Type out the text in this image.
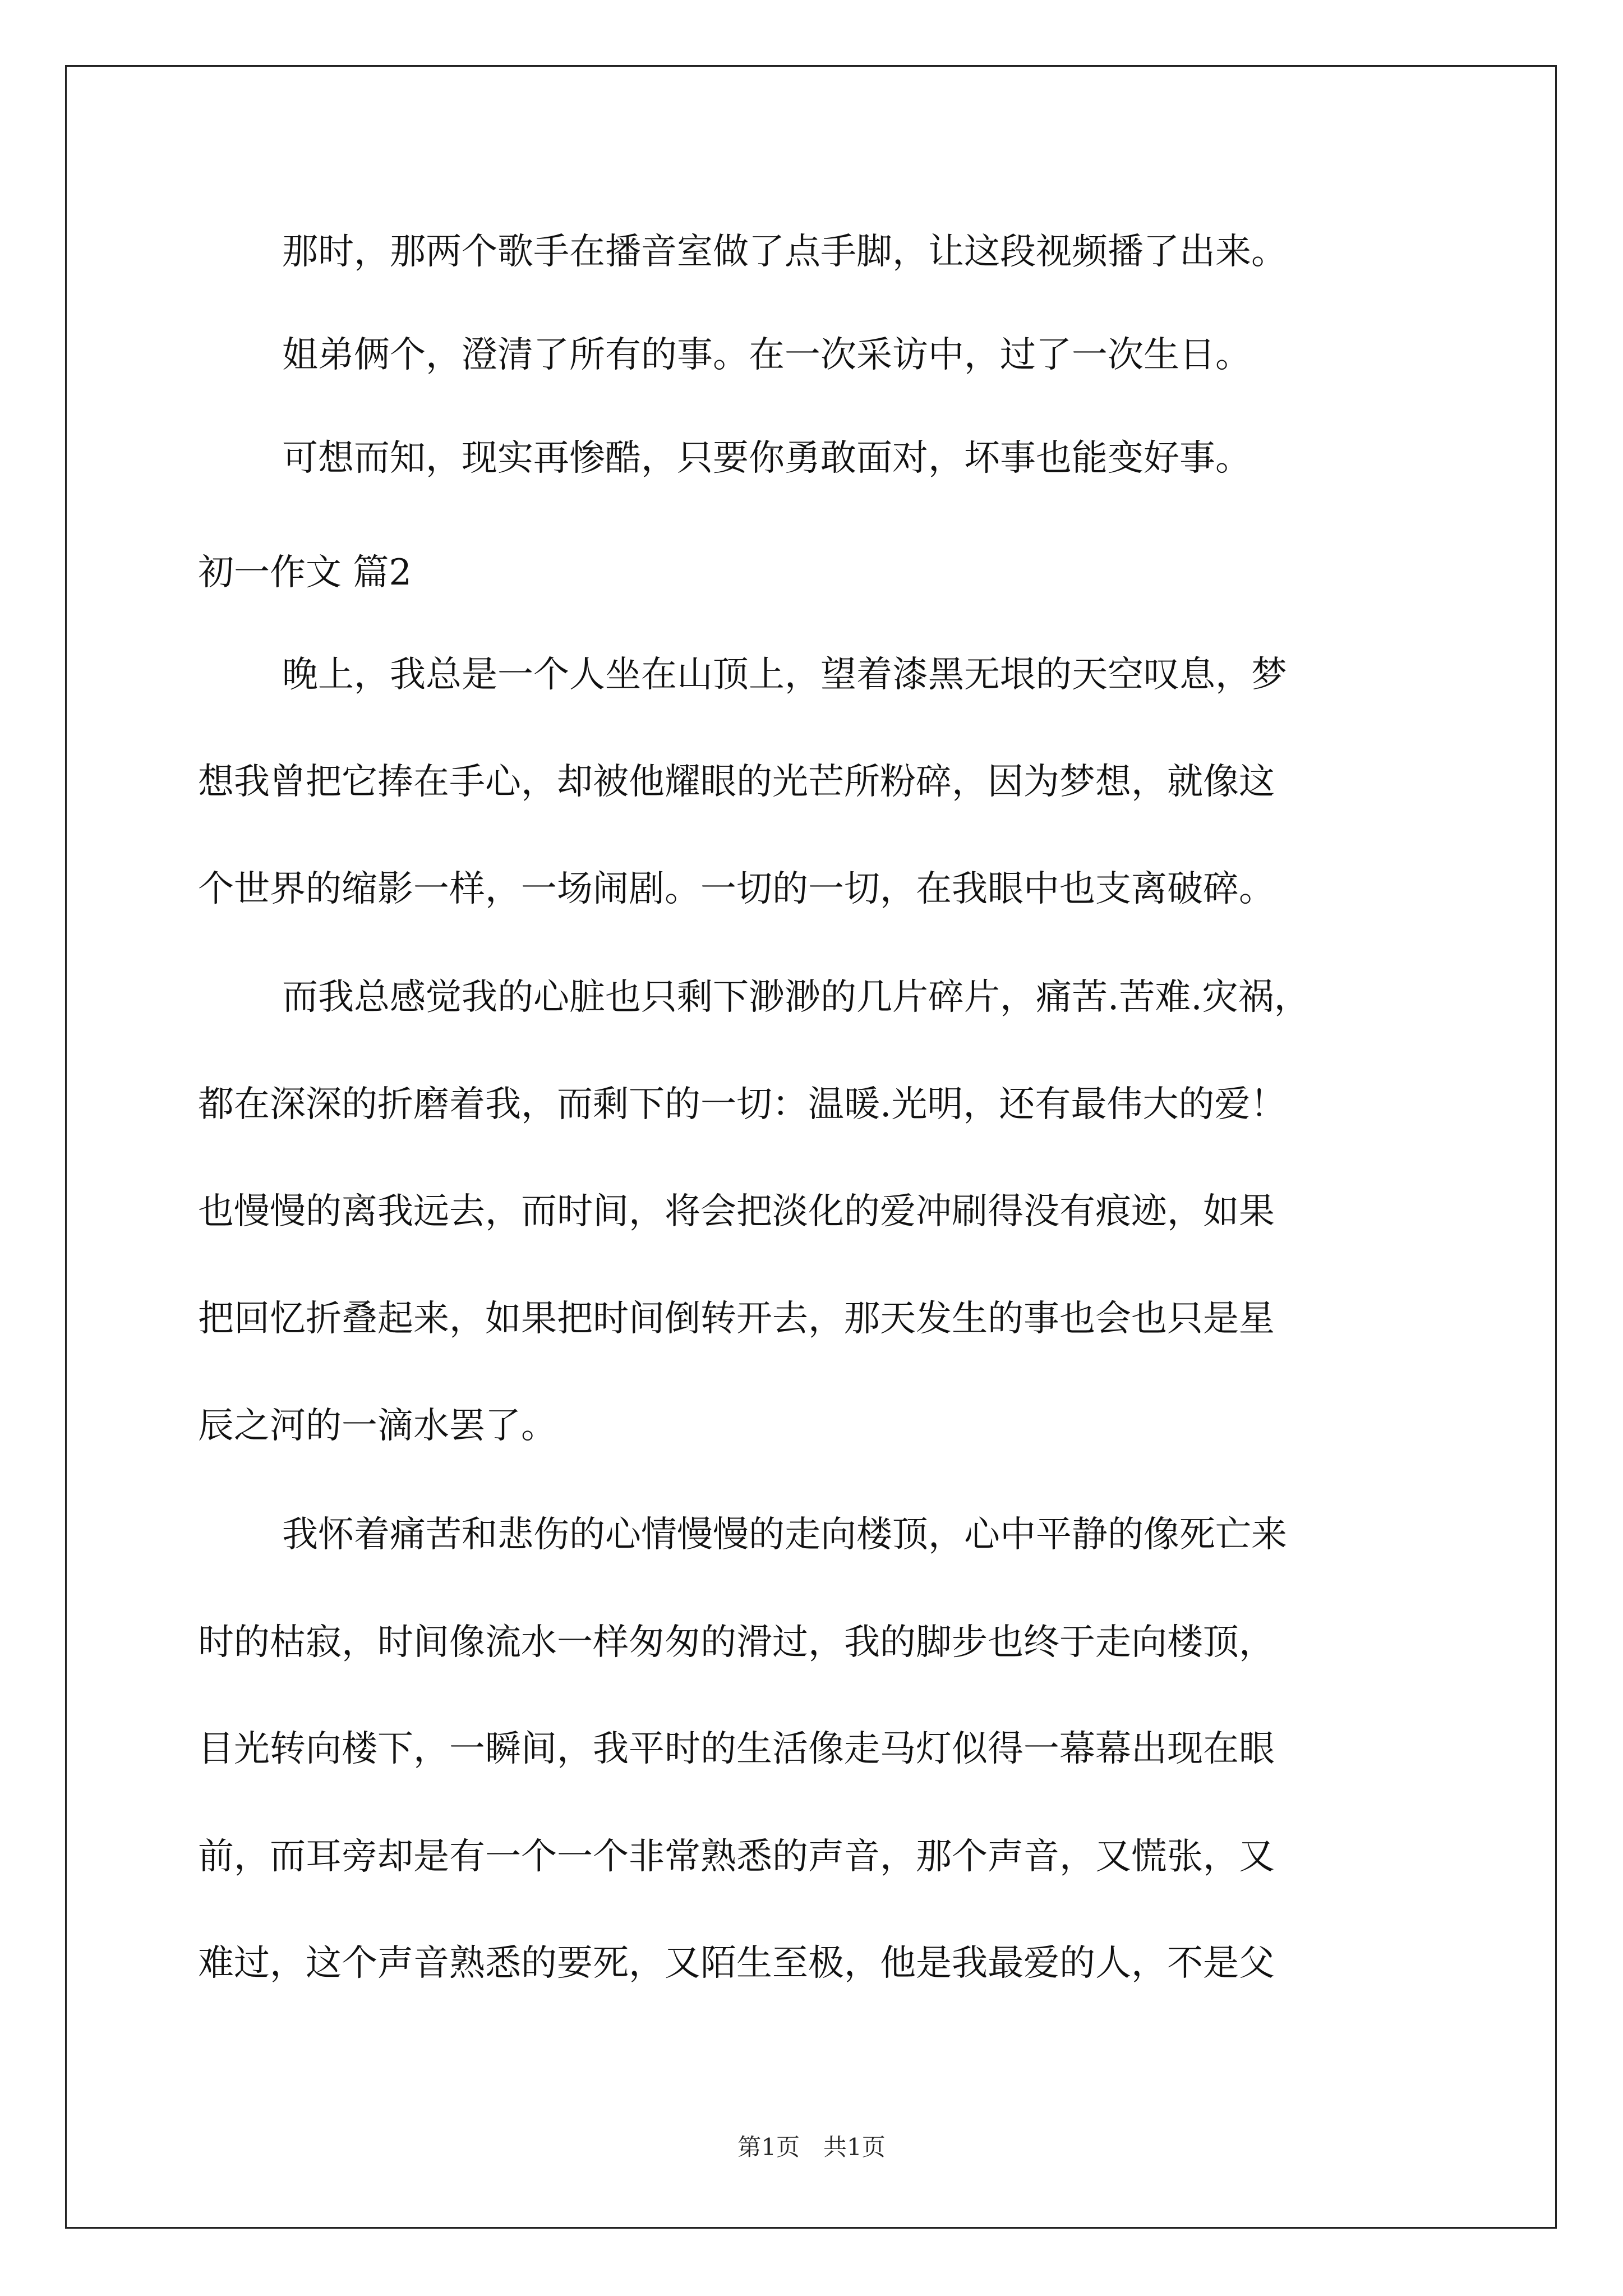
那时，那两个歌手在播音室做了点手脚，让这段视频播了出来。
姐弟俩个，澄清了所有的事。在一次采访中，过了一次生日。
可想而知，现实再惨酷，只要你勇敢面对，坏事也能变好事。
初一作文 篇2
晚上，我总是一个人坐在山顶上，望着漆黑无垠的天空叹息，梦
想我曾把它捧在手心，却被他耀眼的光芒所粉碎，因为梦想，就像这
个世界的缩影一样，一场闹剧。一切的一切，在我眼中也支离破碎。
而我总感觉我的心脏也只剩下渺渺的几片碎片，痛苦.苦难.灾祸，
都在深深的折磨着我，而剩下的一切：温暖.光明，还有最伟大的爱！
也慢慢的离我远去，而时间，将会把淡化的爱冲刷得没有痕迹，如果
把回忆折叠起来，如果把时间倒转开去，那天发生的事也会也只是星
辰之河的一滴水罢了。
我怀着痛苦和悲伤的心情慢慢的走向楼顶，心中平静的像死亡来
时的枯寂，时间像流水一样匆匆的滑过，我的脚步也终于走向楼顶，
目光转向楼下，一瞬间，我平时的生活像走马灯似得一幕幕出现在眼
前，而耳旁却是有一个一个非常熟悉的声音，那个声音，又慌张，又
难过，这个声音熟悉的要死，又陌生至极，他是我最爱的人，不是父
第1页 共1页
